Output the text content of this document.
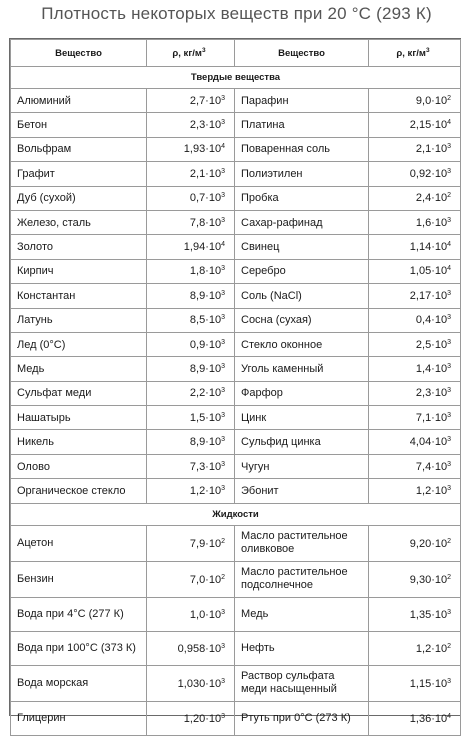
Плотность некоторых веществ при 20 °С (293 К)
Вещество	ρ, $кг/м^3$	Вещество	ρ, $кг/м^3$
Твердые вещества			
Алюминий	$2,7\cdot 10^3$	Парафин	$9,0\cdot 10^2$
Бетон	$2,3\cdot 10^3$	Платина	$2,15\cdot 10^4$
Вольфрам	$1,93\cdot 10^4$	Поваренная соль	$2,1\cdot 10^3$
Графит	$2,1\cdot 10^3$	Полиэтилен	$0,92\cdot 10^3$
Дуб (сухой)	$0,7\cdot 10^3$	Пробка	$2,4\cdot 10^2$
Железо, сталь	$7,8\cdot 10^3$	Сахар-рафинад	$1,6\cdot 10^3$
Золото	$1,94\cdot 10^4$	Свинец	$1,14\cdot 10^4$
Кирпич	$1,8\cdot 10^3$	Серебро	$1,05\cdot 10^4$
Константан	$8,9\cdot 10^3$	Соль (NaCl)	$2,17\cdot 10^3$
Латунь	$8,5\cdot 10^3$	Сосна (сухая)	$0,4\cdot 10^3$
Лед (0°С)	$0,9\cdot 10^3$	Стекло оконное	$2,5\cdot 10^3$
Медь	$8,9\cdot 10^3$	Уголь каменный	$1,4\cdot 10^3$
Сульфат меди	$2,2\cdot 10^3$	Фарфор	$2,3\cdot 10^3$
Нашатырь	$1,5\cdot 10^3$	Цинк	$7,1\cdot 10^3$
Никель	$8,9\cdot 10^3$	Сульфид цинка	$4,04\cdot 10^3$
Олово	$7,3\cdot 10^3$	Чугун	$7,4\cdot 10^3$
Органическое стекло	$1,2\cdot 10^3$	Эбонит	$1,2\cdot 10^3$
Жидкости			
Ацетон	$7,9\cdot 10^2$	Масло растительное оливковое	$9,20\cdot 10^2$
Бензин	$7,0\cdot 10^2$	Масло растительное подсолнечное	$9,30\cdot 10^2$
Вода при 4°С (277 К)	$1,0\cdot 10^3$	Медь	$1,35\cdot 10^3$
Вода при 100°С (373 К)	$0,958\cdot 10^3$	Нефть	$1,2\cdot 10^2$
Вода морская	$1,030\cdot 10^3$	Раствор сульфата меди насыщенный	$1,15\cdot 10^3$
Глицерин	$1,20\cdot 10^3$	Ртуть при 0°С (273 К)	$1,36\cdot 10^4$
